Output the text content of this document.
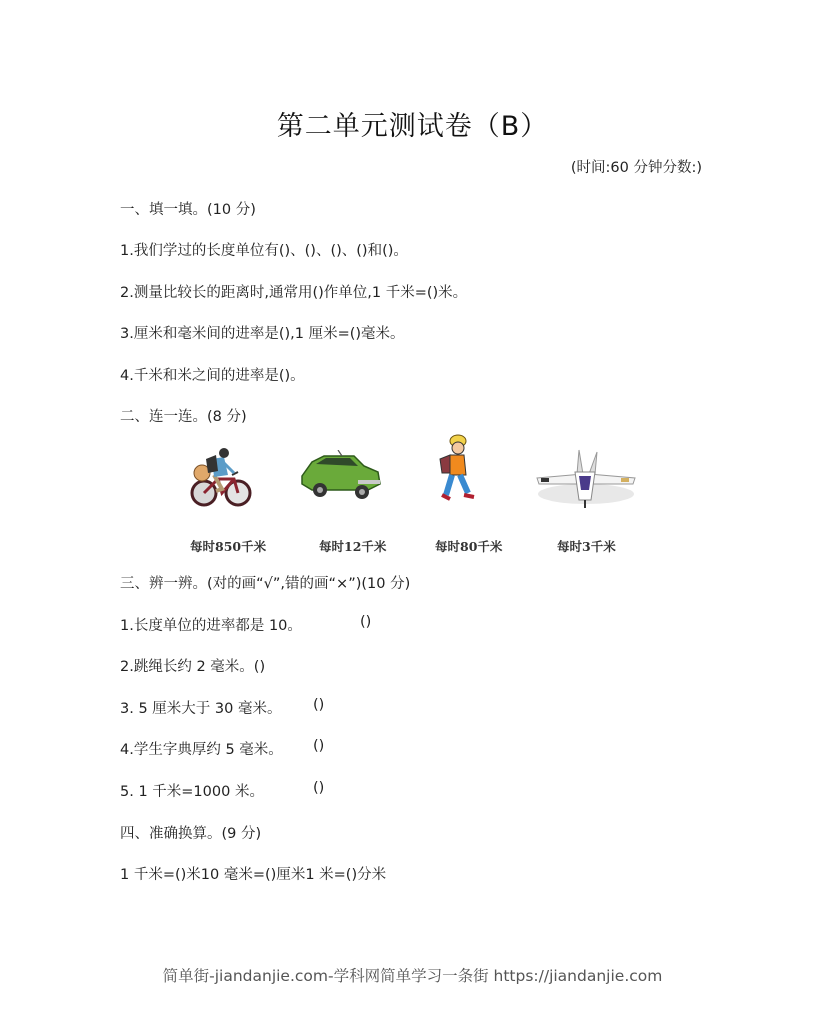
第二单元测试卷（B）
(时间:60 分钟分数:)
一、填一填。(10 分)
1.我们学过的长度单位有()、()、()、()和()。
2.测量比较长的距离时,通常用()作单位,1 千米=()米。
3.厘米和毫米间的进率是(),1 厘米=()毫米。
4.千米和米之间的进率是()。
二、连一连。(8 分)
每时850千米	每时12千米	每时80千米	每时3千米
三、辨一辨。(对的画“√”,错的画“×”)(10 分)
1.长度单位的进率都是 10。	()
2.跳绳长约 2 毫米。()
3. 5 厘米大于 30 毫米。 ()
4.学生字典厚约 5 毫米。 ()
5. 1 千米=1000 米。	()
四、准确换算。(9 分)
1 千米=()米10 毫米=()厘米1 米=()分米
简单街-jiandanjie.com-学科网简单学习一条街 https://jiandanjie.com
